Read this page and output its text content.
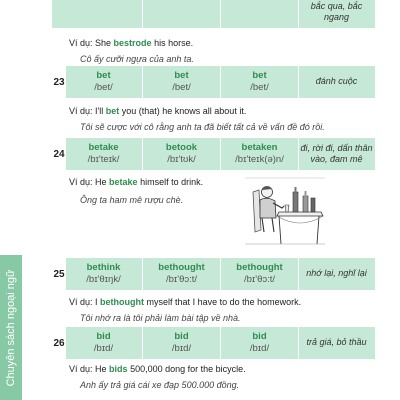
Chuyên sách ngoại ngữ
bắc qua, bắc ngang
Ví dụ: She bestrode his horse.
Cô ấy cưỡi ngựa của anh ta.
23
bet
/bet/
bet
/bet/
bet
/bet/
đánh cuộc
Ví dụ: I'll bet you (that) he knows all about it.
Tôi sẽ cược với cô rằng anh ta đã biết tất cả về vấn đề đó rồi.
24
betake
/bɪ'teɪk/
betook
/bɪ'tʊk/
betaken
/bɪ'teɪk(ə)n/
đi, rời đi, dấn thân vào, đam mê
Ví dụ: He betake himself to drink.
Ông ta ham mê rượu chè.
25
bethink
/bɪ'θɪŋk/
bethought
/bɪ'θɔ:t/
bethought
/bɪ'θɔ:t/
nhớ lại, nghĩ lại
Ví dụ: I bethought myself that I have to do the homework.
Tôi nhớ ra là tôi phải làm bài tập về nhà.
26
bid
/bɪd/
bid
/bɪd/
bid
/bɪd/
trả giá, bỏ thầu
Ví dụ: He bids 500,000 dong for the bicycle.
Anh ấy trả giá cái xe đạp 500.000 đồng.
